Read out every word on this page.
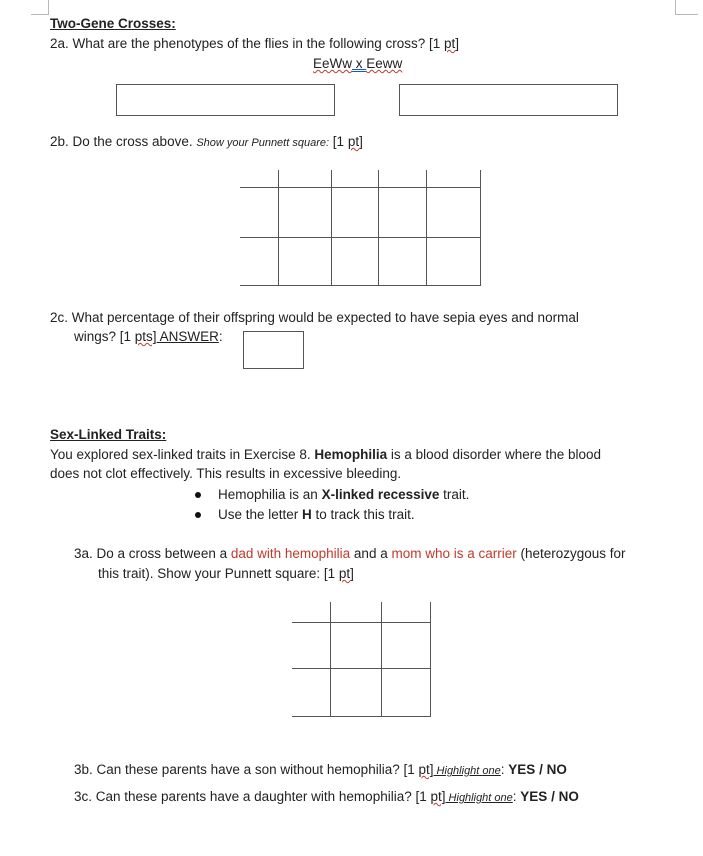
Two-Gene Crosses:
2a. What are the phenotypes of the flies in the following cross? [1 pt]
EeWw x Eeww
2b. Do the cross above. Show your Punnett square: [1 pt]
2c. What percentage of their offspring would be expected to have sepia eyes and normal
wings? [1 pts] ANSWER:
Sex-Linked Traits:
You explored sex-linked traits in Exercise 8. Hemophilia is a blood disorder where the blood
does not clot effectively. This results in excessive bleeding.
Hemophilia is an X-linked recessive trait.
Use the letter H to track this trait.
3a. Do a cross between a dad with hemophilia and a mom who is a carrier (heterozygous for
this trait). Show your Punnett square: [1 pt]
3b. Can these parents have a son without hemophilia? [1 pt] Highlight one: YES / NO
3c. Can these parents have a daughter with hemophilia? [1 pt] Highlight one: YES / NO
